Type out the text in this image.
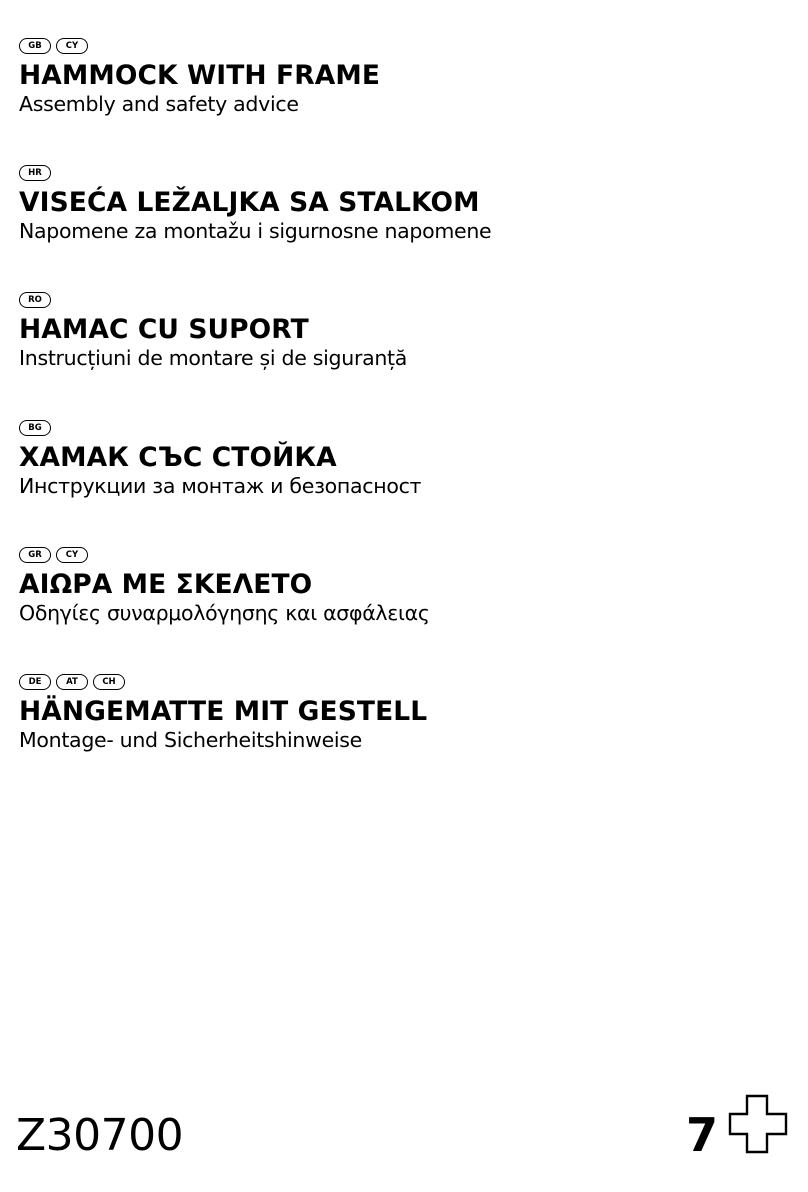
GB	CY
HAMMOCK WITH FRAME
Assembly and safety advice
HR
VISEĆA LEŽALJKA SA STALKOM
Napomene za montažu i sigurnosne napomene
RO
HAMAC CU SUPORT
Instrucțiuni de montare și de siguranță
BG
ХАМАК СЪС СТОЙКА
Инструкции за монтаж и безопасност
GR	CY
ΑΙΩΡΑ ΜΕ ΣΚΕΛΕΤΟ
Οδηγίες συναρμολόγησης και ασφάλειας
DE	AT	CH
HÄNGEMATTE MIT GESTELL
Montage- und Sicherheitshinweise
Z30700	7
